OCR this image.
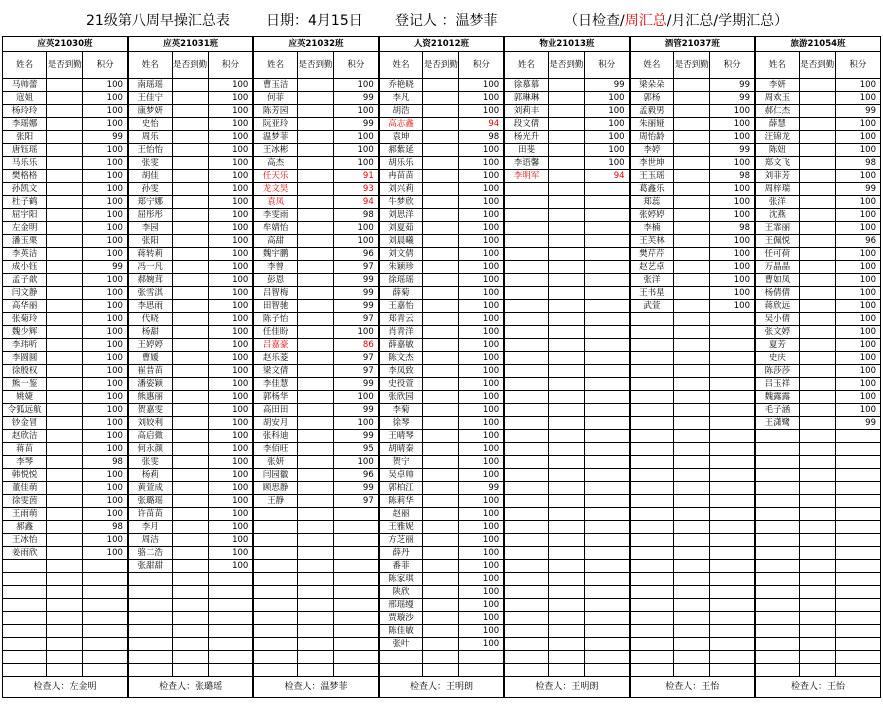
21级第八周早操汇总表	日期：4月15日 登记人 ：温梦菲	（日检查/周汇总/月汇总/学期汇总）
应英21030班			应英21031班			应英21032班			人资21012班			物业21013班			酒管21037班			旅游21054班		
姓名	是否到勤	积分	姓名	是否到勤	积分	姓名	是否到勤	积分	姓名	是否到勤	积分	姓名	是否到勤	积分	姓名	是否到勤	积分	姓名	是否到勤	积分
马帅蕾		100	南瑶瑶		100	曹玉洁		100	乔艳晓		100	徐慕慕		99	梁朵朵		99	李妍		100
寇姐		100	王佳宁		100	何菲		99	李凡		100	郭琳琳		100	郭杨		99	周欢玉		100
杨玲玲		100	康梦妍		100	陈芳园		100	胡浩		100	刘莉丰		100	孟毅男		100	郝仁杰		99
李瑶娜		100	史怡		100	阮亚玲		99	高志鑫		94	段文倩		100	朱丽娅		100	薛慧		100
张阳		99	周乐		100	温梦菲		100	袁坤		98	杨光升		100	周怡龄		100	汪锦龙		100
唐钰瑶		100	王怡怡		100	王冰彬		100	郝紫延		100	田斐		100	李婷		99	陈妞		100
马乐乐		100	张雯		100	高杰		100	胡乐乐		100	李语馨		100	李世坤		100	郑文飞		98
樊格格		100	胡佳		100	任天乐		91	冉苗苗		100	李明军		94	王玉瑶		98	刘菲芳		100
孙凯文		100	孙雯		100	龙文昊		93	刘兴莉		100				葛鑫乐		100	周梓瑞		99
杜子鹤		100	郑宁娜		100	袁凤		94	牛梦欣		100				郑蕊		100	张洋		100
屈宇阳		100	屈彤彤		100	李雯雨		98	刘思洋		100				张婷婷		100	沈燕		100
左金明		100	李园		100	牟婧怡		100	刘夏茹		100				李楠		98	王霏丽		100
潘玉栗		100	张阳		100	高甜		100	刘晨曦		100				王芙林		100	王佩悦		96
李英洁		100	蒋转莉		100	魏宇鹏		96	刘文倩		100				樊芹芹		100	任可荷		100
成小钰		99	冯一凡		100	李曾		97	朱颖珍		100				赵艺卓		100	万晶晶		100
孟子歆		100	郝婉茸		100	彭恩		99	徐瑶瑶		100				张洋		100	曹如凤		100
闫文静		100	张雪淇		100	吕智梅		99	薛菊		100				王书星		100	杨倩倩		100
高华丽		100	李思雨		100	田智驰		99	王嘉怡		100				武萱		100	蒋欣远		100
张菊玲		100	代晓		100	陈子怡		97	郑青云		100							吴小倩		100
魏少辉		100	杨甜		100	任佳盼		100	肖青洋		100							张文婷		100
李玮听		100	王婷婷		100	吕嘉豪		86	薛嘉敏		100							夏芳		100
李圆圆		100	曹媛		100	赵乐菱		97	陈文杰		100							史庆		100
徐殷权		100	崔昔苗		100	梁文倩		97	李凤致		100							陈莎莎		100
熊一鉴		100	潘姿颖		100	李佳慧		99	史役萱		100							吕玉祥		100
姚婕		100	熊惠丽		100	郭杨华		100	张欣园		100							魏露露		100
令狐远航		100	贺嘉雯		100	高田田		99	李菊		100							毛子涵		100
钞金冒		100	刘姣利		100	胡安月		100	徐琴		100							王潇鹭		99
赵欣洁		100	高启微		100	张科迪		99	王晴琴		100									
蒋苗		100	何永颜		100	李佰旺		95	胡晴秦		100									
李琴		98	张雯		100	张妍		100	贺宁		100									
韩悦悦		100	杨莉		100	闫园徽		96	吴卓帅		100									
董佳萌		100	黄萱成		100	顾思静		99	郭柏江		99									
徐雯茵		100	张璐瑶		100	王静		97	陈莉华		100									
王雨萌		100	许苗苗		100				赵丽		100									
郝鑫		98	李月		100				王雅妮		100									
王冰怡		100	周洁		100				方芝丽		100									
姜雨欣		100	骆二浩		100				薛丹		100									
			张甜甜		100				番菲		100									
									陈家琪		100									
									陕欣		100									
									邢瑶缦		100									
									贾璇沙		100									
									陈佳敏		100									
									张叶		100									

检查人：左金明			检查人：张璐瑶			检查人：温梦菲			检查人：王明朗			检查人：王明朗			检查人：王怡			检查人：王怡		
